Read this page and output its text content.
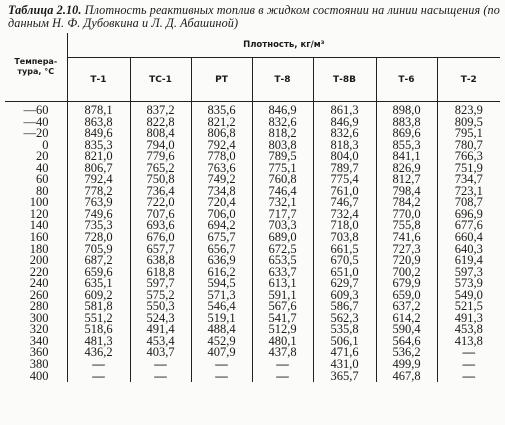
Таблица 2.10. Плотность реактивных топлив в жидком состоянии на линии насыщения (по данным Н. Ф. Дубовкина и Л. Д. Абашиной)
Темпера-тура, °С	Плотность, кг/м³						
	Т-1	ТС-1	РТ	Т-8	Т-8В	Т-6	Т-2
—60	878,1	837,2	835,6	846,9	861,3	898,0	823,9
—40	863,8	822,8	821,2	832,6	846,9	883,8	809,5
—20	849,6	808,4	806,8	818,2	832,6	869,6	795,1
0	835,3	794,0	792,4	803,8	818,3	855,3	780,7
20	821,0	779,6	778,0	789,5	804,0	841,1	766,3
40	806,7	765,2	763,6	775,1	789,7	826,9	751,9
60	792,4	750,8	749,2	760,8	775,4	812,7	734,7
80	778,2	736,4	734,8	746,4	761,0	798,4	723,1
100	763,9	722,0	720,4	732,1	746,7	784,2	708,7
120	749,6	707,6	706,0	717,7	732,4	770,0	696,9
140	735,3	693,6	694,2	703,3	718,0	755,8	677,6
160	728,0	676,0	675,7	689,0	703,8	741,6	660,4
180	705,9	657,7	656,7	672,5	661,5	727,3	640,3
200	687,2	638,8	636,9	653,5	670,5	720,9	619,4
220	659,6	618,8	616,2	633,7	651,0	700,2	597,3
240	635,1	597,7	594,5	613,1	629,7	679,9	573,9
260	609,2	575,2	571,3	591,1	609,3	659,0	549,0
280	581,8	550,3	546,4	567,6	586,7	637,2	521,5
300	551,2	524,3	519,1	541,7	562,3	614,2	491,3
320	518,6	491,4	488,4	512,9	535,8	590,4	453,8
340	481,3	453,4	452,9	480,1	506,1	564,6	413,8
360	436,2	403,7	407,9	437,8	471,6	536,2	—
380	—	—	—	—	431,0	499,9	—
400	—	—	—	—	365,7	467,8	—
